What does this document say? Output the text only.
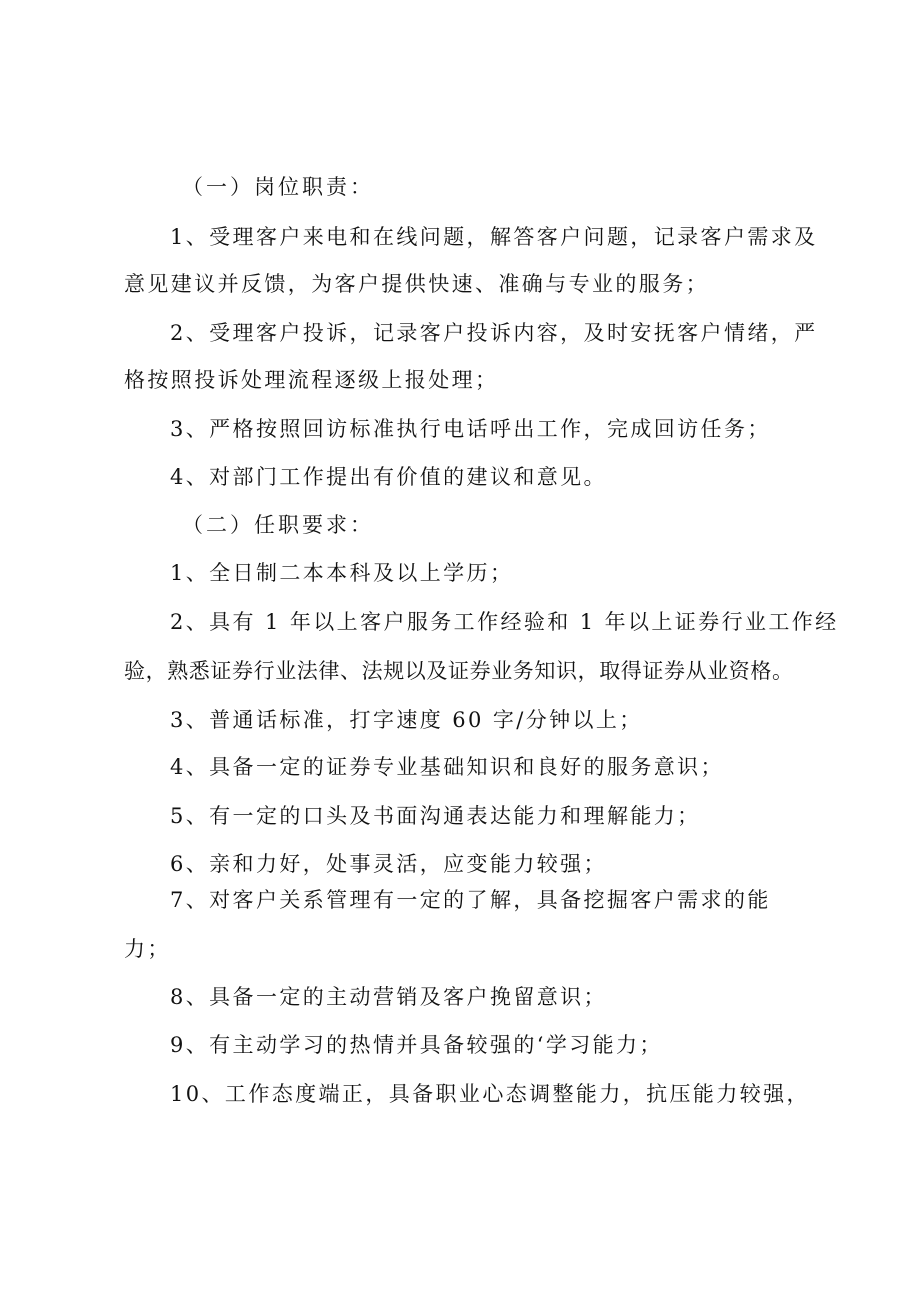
（一）岗位职责：
1、受理客户来电和在线问题，解答客户问题，记录客户需求及
意见建议并反馈，为客户提供快速、准确与专业的服务；
2、受理客户投诉，记录客户投诉内容，及时安抚客户情绪，严
格按照投诉处理流程逐级上报处理；
3、严格按照回访标准执行电话呼出工作，完成回访任务；
4、对部门工作提出有价值的建议和意见。
（二）任职要求：
1、全日制二本本科及以上学历；
2、具有 1 年以上客户服务工作经验和 1 年以上证券行业工作经
验，熟悉证券行业法律、法规以及证券业务知识，取得证券从业资格。
3、普通话标准，打字速度 60 字/分钟以上；
4、具备一定的证券专业基础知识和良好的服务意识；
5、有一定的口头及书面沟通表达能力和理解能力；
6、亲和力好，处事灵活，应变能力较强；
7、对客户关系管理有一定的了解，具备挖掘客户需求的能
力；
8、具备一定的主动营销及客户挽留意识；
9、有主动学习的热情并具备较强的‘学习能力；
10、工作态度端正，具备职业心态调整能力，抗压能力较强，
